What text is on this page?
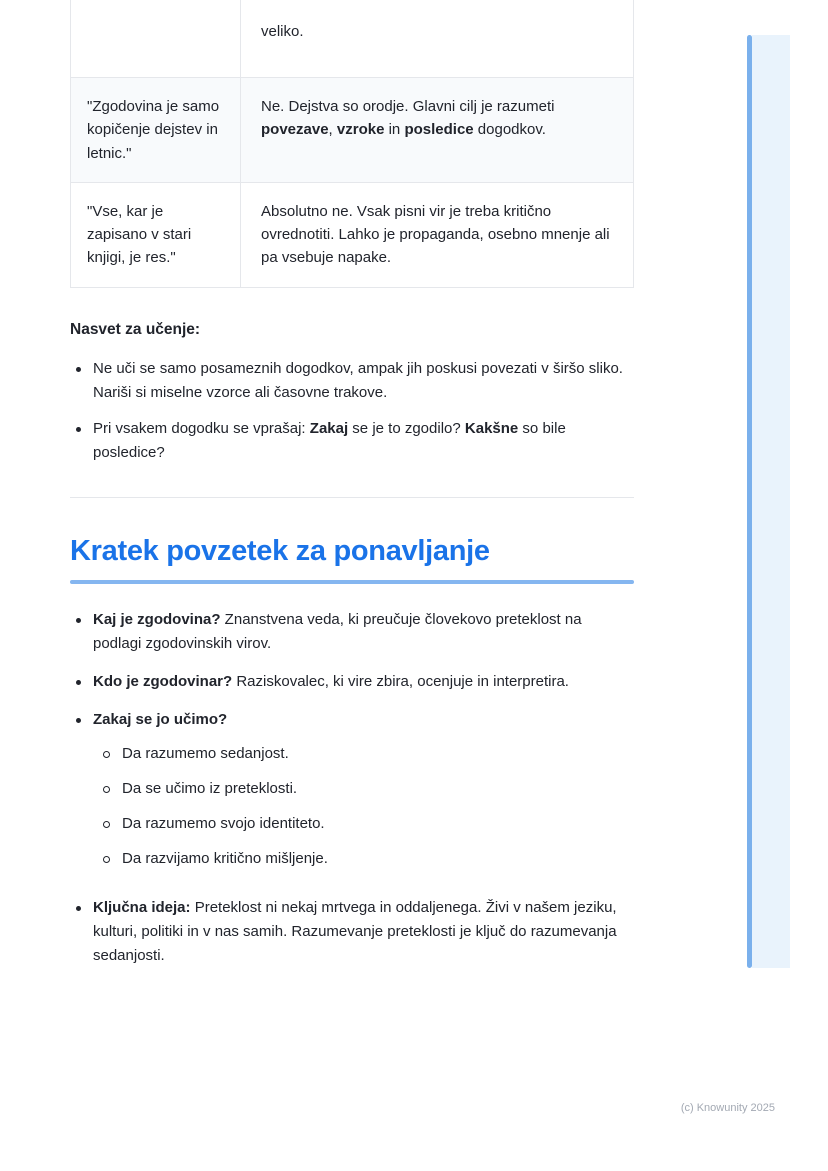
veliko.
"Zgodovina je samo kopičenje dejstev in letnic."
Ne. Dejstva so orodje. Glavni cilj je razumeti povezave, vzroke in posledice dogodkov.
"Vse, kar je zapisano v stari knjigi, je res."
Absolutno ne. Vsak pisni vir je treba kritično ovrednotiti. Lahko je propaganda, osebno mnenje ali pa vsebuje napake.
Nasvet za učenje:
Ne uči se samo posameznih dogodkov, ampak jih poskusi povezati v širšo sliko. Nariši si miselne vzorce ali časovne trakove.
Pri vsakem dogodku se vprašaj: Zakaj se je to zgodilo? Kakšne so bile posledice?
Kratek povzetek za ponavljanje
Kaj je zgodovina? Znanstvena veda, ki preučuje človekovo preteklost na podlagi zgodovinskih virov.
Kdo je zgodovinar? Raziskovalec, ki vire zbira, ocenjuje in interpretira.
Zakaj se jo učimo?
Da razumemo sedanjost.
Da se učimo iz preteklosti.
Da razumemo svojo identiteto.
Da razvijamo kritično mišljenje.
Ključna ideja: Preteklost ni nekaj mrtvega in oddaljenega. Živi v našem jeziku, kulturi, politiki in v nas samih. Razumevanje preteklosti je ključ do razumevanja sedanjosti.
(c) Knowunity 2025
